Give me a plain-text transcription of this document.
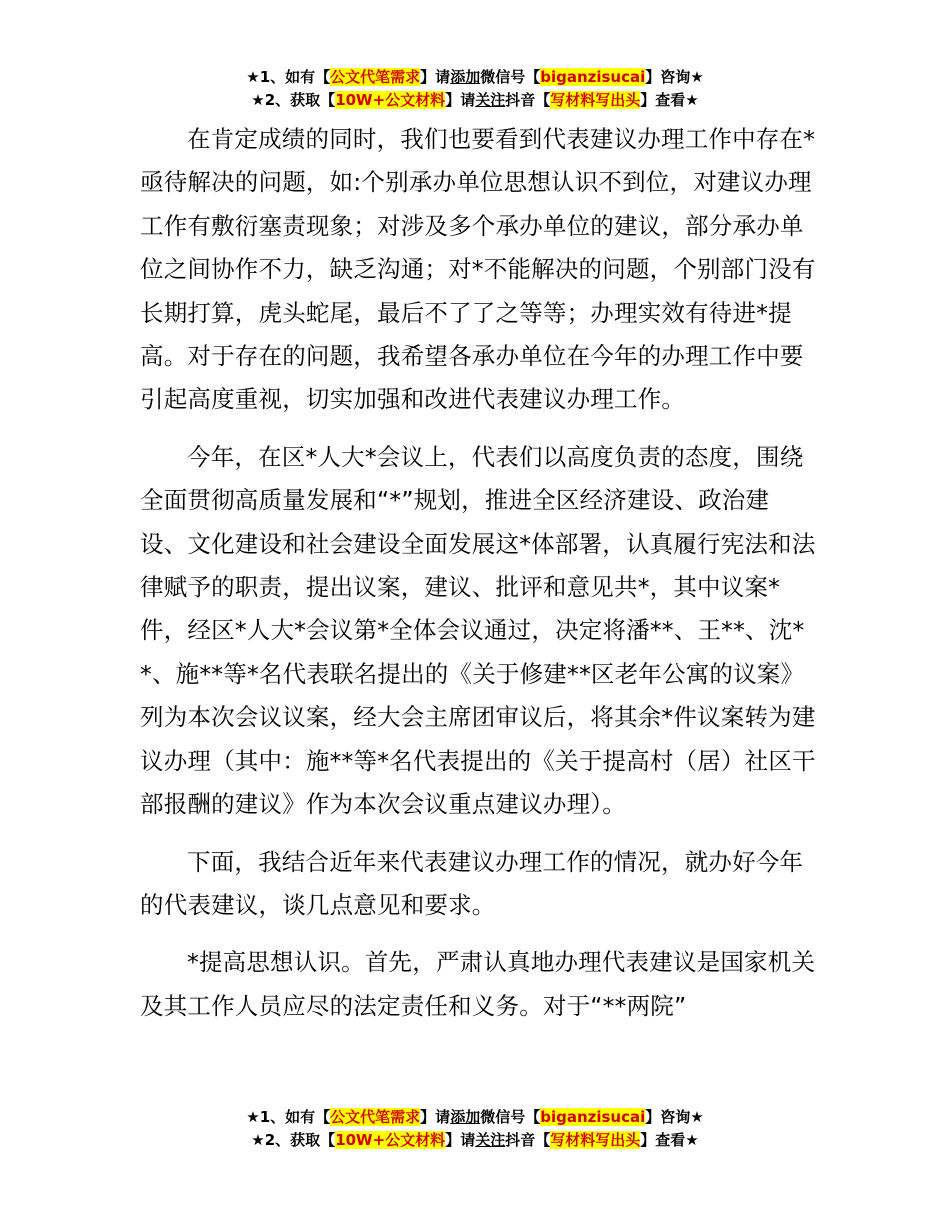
★1、如有【公文代笔需求】请添加微信号【biganzisucai】咨询★
★2、获取【10W+公文材料】请关注抖音【写材料写出头】查看★

在肯定成绩的同时，我们也要看到代表建议办理工作中存在*亟待解决的问题，如:个别承办单位思想认识不到位，对建议办理工作有敷衍塞责现象；对涉及多个承办单位的建议，部分承办单位之间协作不力，缺乏沟通；对*不能解决的问题，个别部门没有长期打算，虎头蛇尾，最后不了了之等等；办理实效有待进*提高。对于存在的问题，我希望各承办单位在今年的办理工作中要引起高度重视，切实加强和改进代表建议办理工作。

今年，在区*人大*会议上，代表们以高度负责的态度，围绕全面贯彻高质量发展和“*”规划，推进全区经济建设、政治建设、文化建设和社会建设全面发展这*体部署，认真履行宪法和法律赋予的职责，提出议案，建议、批评和意见共*，其中议案*件，经区*人大*会议第*全体会议通过，决定将潘**、王**、沈**、施**等*名代表联名提出的《关于修建**区老年公寓的议案》列为本次会议议案，经大会主席团审议后，将其余*件议案转为建议办理（其中：施**等*名代表提出的《关于提高村（居）社区干部报酬的建议》作为本次会议重点建议办理）。

下面，我结合近年来代表建议办理工作的情况，就办好今年的代表建议，谈几点意见和要求。

*提高思想认识。首先，严肃认真地办理代表建议是国家机关及其工作人员应尽的法定责任和义务。对于“**两院”

★1、如有【公文代笔需求】请添加微信号【biganzisucai】咨询★
★2、获取【10W+公文材料】请关注抖音【写材料写出头】查看★
